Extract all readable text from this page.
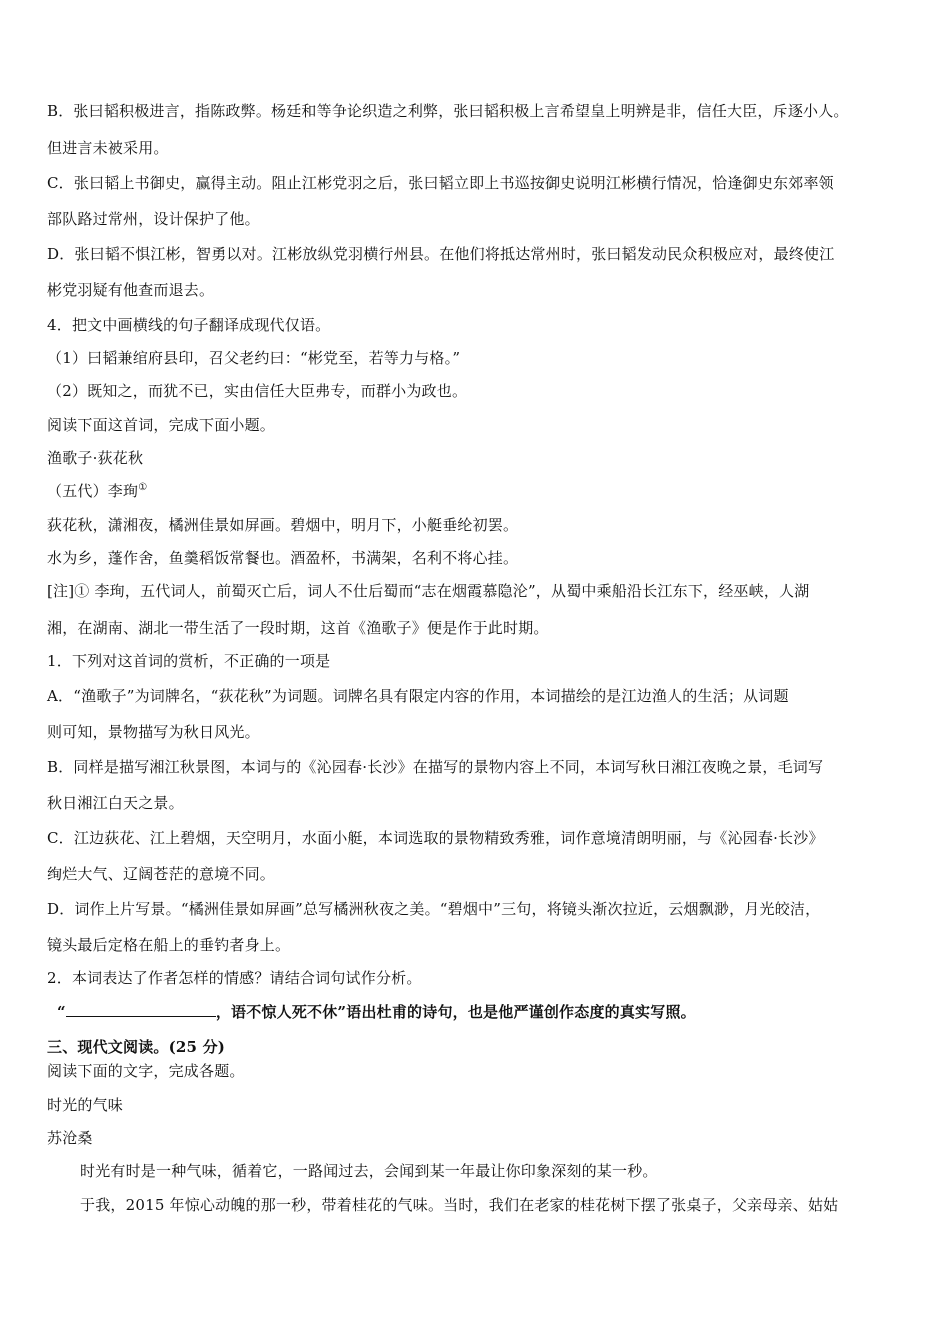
B．张曰韬积极进言，指陈政弊。杨廷和等争论织造之利弊，张曰韬积极上言希望皇上明辨是非，信任大臣，斥逐小人。
但进言未被采用。
C．张曰韬上书御史，赢得主动。阻止江彬党羽之后，张曰韬立即上书巡按御史说明江彬横行情况，恰逢御史东郊率领
部队路过常州，设计保护了他。
D．张曰韬不惧江彬，智勇以对。江彬放纵党羽横行州县。在他们将抵达常州时，张曰韬发动民众积极应对，最终使江
彬党羽疑有他查而退去。
4．把文中画横线的句子翻译成现代仅语。
（1）曰韬兼绾府县印，召父老约曰：“彬党至，若等力与格。”
（2）既知之，而犹不已，实由信任大臣弗专，而群小为政也。
阅读下面这首词，完成下面小题。
渔歌子·荻花秋
（五代）李珣①
荻花秋，潇湘夜，橘洲佳景如屏画。碧烟中，明月下，小艇垂纶初罢。
水为乡，蓬作舍，鱼羹稻饭常餐也。酒盈杯，书满架，名利不将心挂。
[注]① 李珣，五代词人，前蜀灭亡后，词人不仕后蜀而“志在烟霞慕隐沦”，从蜀中乘船沿长江东下，经巫峡，人湖
湘，在湖南、湖北一带生活了一段时期，这首《渔歌子》便是作于此时期。
1．下列对这首词的赏析，不正确的一项是
A．“渔歌子”为词牌名，“荻花秋”为词题。词牌名具有限定内容的作用，本词描绘的是江边渔人的生活；从词题
则可知，景物描写为秋日风光。
B．同样是描写湘江秋景图，本词与的《沁园春·长沙》在描写的景物内容上不同，本词写秋日湘江夜晚之景，毛词写
秋日湘江白天之景。
C．江边荻花、江上碧烟，天空明月，水面小艇，本词选取的景物精致秀雅，词作意境清朗明丽，与《沁园春·长沙》
绚烂大气、辽阔苍茫的意境不同。
D．词作上片写景。“橘洲佳景如屏画”总写橘洲秋夜之美。“碧烟中”三句，将镜头渐次拉近，云烟飘渺，月光皎洁，
镜头最后定格在船上的垂钓者身上。
2．本词表达了作者怎样的情感？请结合词句试作分析。
“	，语不惊人死不休”语出杜甫的诗句，也是他严谨创作态度的真实写照。
三、现代文阅读。(25 分)
阅读下面的文字，完成各题。
时光的气味
苏沧桑
时光有时是一种气味，循着它，一路闻过去，会闻到某一年最让你印象深刻的某一秒。
于我，2015 年惊心动魄的那一秒，带着桂花的气味。当时，我们在老家的桂花树下摆了张桌子，父亲母亲、姑姑
